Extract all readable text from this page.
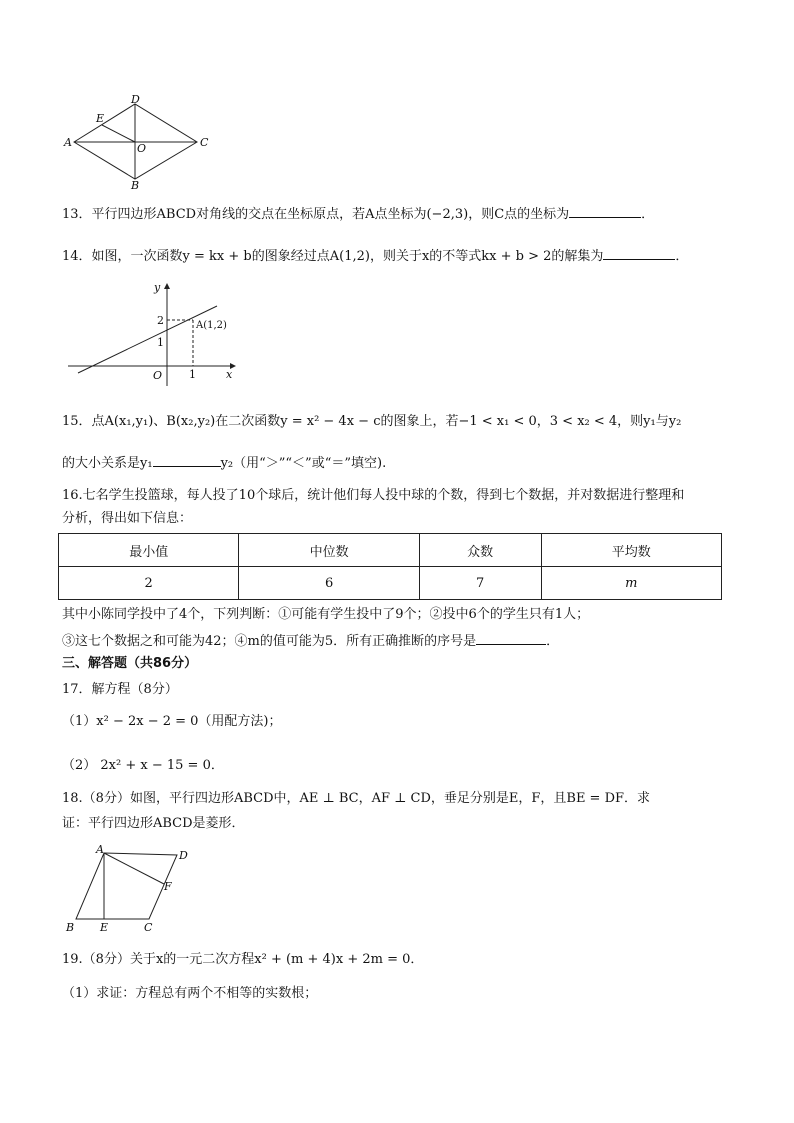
A
D
C
B
E
O
13．平行四边形ABCD对角线的交点在坐标原点，若A点坐标为(−2,3)，则C点的坐标为	．
14．如图，一次函数y = kx + b的图象经过点A(1,2)，则关于x的不等式kx + b > 2的解集为	．
y
x
O
2
1
1
A(1,2)
15．点A(x₁,y₁)、B(x₂,y₂)在二次函数y = x² − 4x − c的图象上，若−1 < x₁ < 0，3 < x₂ < 4，则y₁与y₂
的大小关系是y₁	y₂（用“＞”“＜”或“＝”填空).
16.七名学生投篮球，每人投了10个球后，统计他们每人投中球的个数，得到七个数据，并对数据进行整理和
分析，得出如下信息：
最小值	中位数	众数	平均数
2	6	7	m
其中小陈同学投中了4个，下列判断：①可能有学生投中了9个；②投中6个的学生只有1人；
③这七个数据之和可能为42；④m的值可能为5．所有正确推断的序号是	．
三、解答题（共86分）
17．解方程（8分）
（1）x² − 2x − 2 = 0（用配方法)；
（2） 2x² + x − 15 = 0．
18.（8分）如图，平行四边形ABCD中，AE ⊥ BC，AF ⊥ CD，垂足分别是E，F，且BE = DF．求
证：平行四边形ABCD是菱形．
A	D
F
C
E
B
19.（8分）关于x的一元二次方程x² + (m + 4)x + 2m = 0．
（1）求证：方程总有两个不相等的实数根；
